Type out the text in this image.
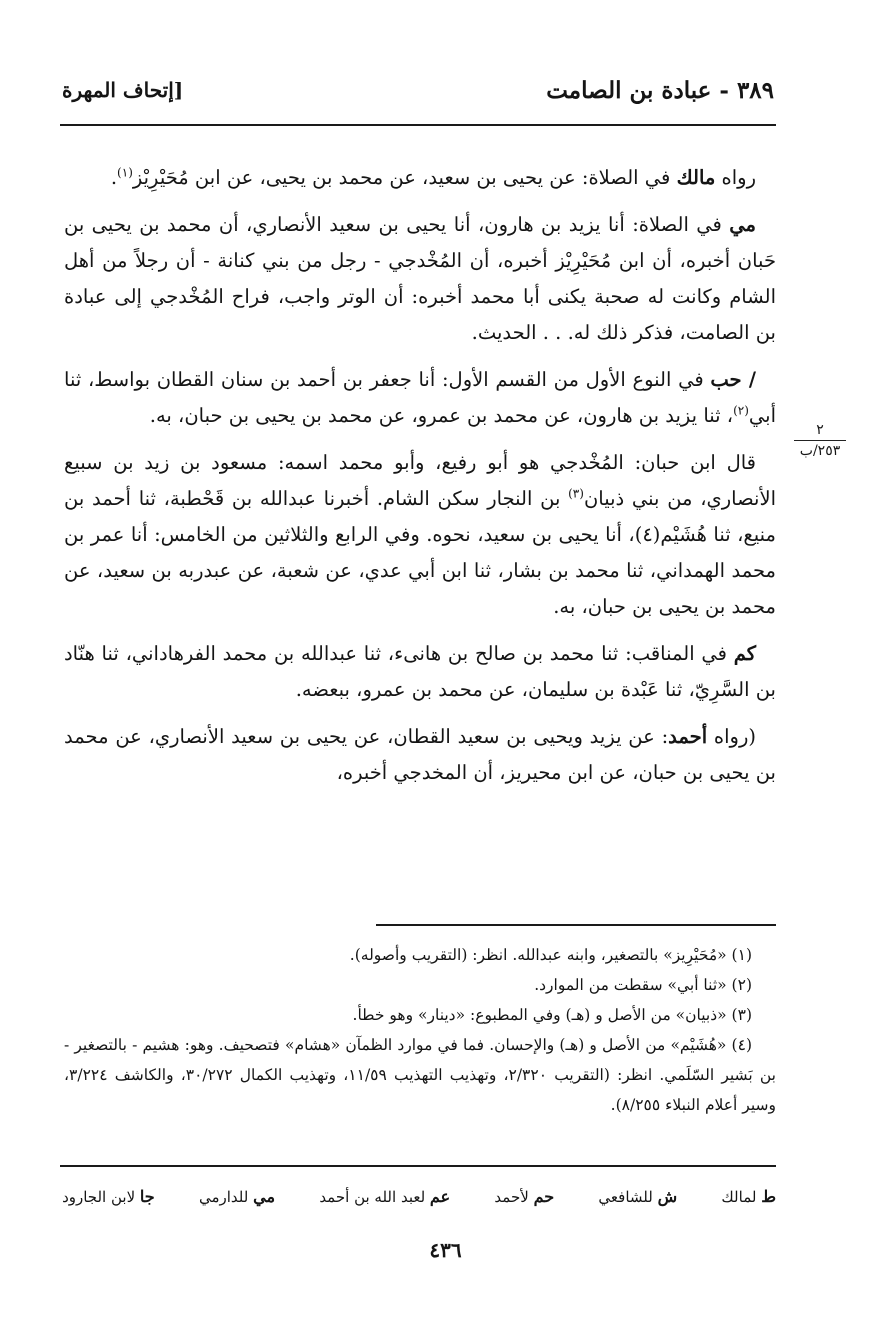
٣٨٩ - عبادة بن الصامت
[إتحاف المهرة
٢
٢٥٣/ب

رواه مالك في الصلاة: عن يحيى بن سعيد، عن محمد بن يحيى، عن ابن مُحَيْرِيْز$^{(١)}$.

مي في الصلاة: أنا يزيد بن هارون، أنا يحيى بن سعيد الأنصاري، أن محمد بن يحيى بن حَبان أخبره، أن ابن مُحَيْرِيْز أخبره، أن المُخْدجي - رجل من بني كنانة - أن رجلاً من أهل الشام وكانت له صحبة يكنى أبا محمد أخبره: أن الوتر واجب، فراح المُخْدجي إلى عبادة بن الصامت، فذكر ذلك له. . . الحديث.

/ حب في النوع الأول من القسم الأول: أنا جعفر بن أحمد بن سنان القطان بواسط، ثنا أبي$^{(٢)}$، ثنا يزيد بن هارون، عن محمد بن عمرو، عن محمد بن يحيى بن حبان، به.

قال ابن حبان: المُخْدجي هو أبو رفيع، وأبو محمد اسمه: مسعود بن زيد بن سبيع الأنصاري، من بني ذبيان$^{(٣)}$ بن النجار سكن الشام. أخبرنا عبدالله بن قَحْطبة، ثنا أحمد بن منيع، ثنا هُشَيْم(٤)، أنا يحيى بن سعيد، نحوه. وفي الرابع والثلاثين من الخامس: أنا عمر بن محمد الهمداني، ثنا محمد بن بشار، ثنا ابن أبي عدي، عن شعبة، عن عبدربه بن سعيد، عن محمد بن يحيى بن حبان، به.

كم في المناقب: ثنا محمد بن صالح بن هانىء، ثنا عبدالله بن محمد الفرهاداني، ثنا هنّاد بن السَّرِيّ، ثنا عَبْدة بن سليمان، عن محمد بن عمرو، ببعضه.

(رواه أحمد: عن يزيد ويحيى بن سعيد القطان، عن يحيى بن سعيد الأنصاري، عن محمد بن يحيى بن حبان، عن ابن محيريز، أن المخدجي أخبره،

(١) «مُحَيْرِيز» بالتصغير، وابنه عبدالله. انظر: (التقريب وأصوله).

(٢) «ثنا أبي» سقطت من الموارد.

(٣) «ذبيان» من الأصل و (هـ) وفي المطبوع: «دينار» وهو خطأ.

(٤) «هُشَيْم» من الأصل و (هـ) والإحسان. فما في موارد الظمآن «هشام» فتصحيف. وهو: هشيم - بالتصغير - بن بَشير السّلَمي. انظر: (التقريب ٢/٣٢٠، وتهذيب التهذيب ١١/٥٩، وتهذيب الكمال ٣٠/٢٧٢، والكاشف ٣/٢٢٤، وسير أعلام النبلاء ٨/٢٥٥).

ط لمالك
ش للشافعي
حم لأحمد
عم لعبد الله بن أحمد
مي للدارمي
جا لابن الجارود
٤٣٦
